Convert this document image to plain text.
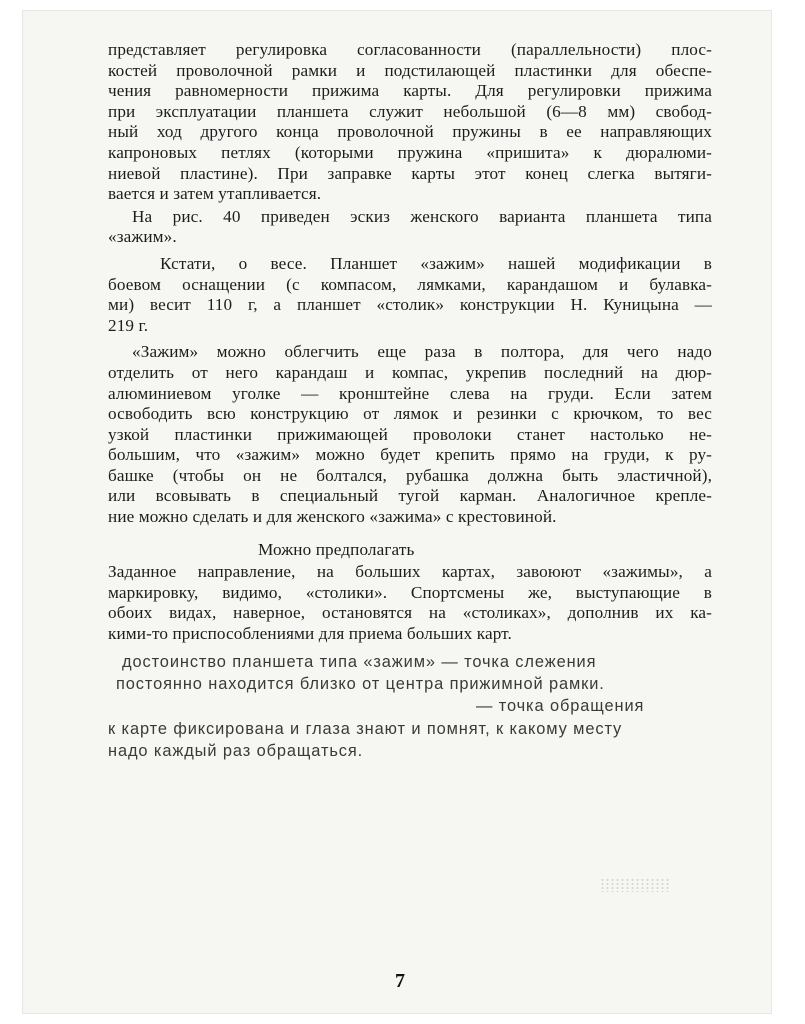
представляет регулировка согласованности (параллельности) плос-
костей проволочной рамки и подстилающей пластинки для обеспе-
чения равномерности прижима карты. Для регулировки прижима
при эксплуатации планшета служит небольшой (6—8 мм) свобод-
ный ход другого конца проволочной пружины в ее направляющих
капроновых петлях (которыми пружина «пришита» к дюралюми-
ниевой пластине). При заправке карты этот конец слегка вытяги-
вается и затем утапливается.

На рис. 40 приведен эскиз женского варианта планшета типа
«зажим».

Кстати, о весе. Планшет «зажим» нашей модификации в
боевом оснащении (с компасом, лямками, карандашом и булавка-
ми) весит 110 г, а планшет «столик» конструкции Н. Куницына —
219 г.

«Зажим» можно облегчить еще раза в полтора, для чего надо
отделить от него карандаш и компас, укрепив последний на дюр-
алюминиевом уголке — кронштейне слева на груди. Если затем
освободить всю конструкцию от лямок и резинки с крючком, то вес
узкой пластинки прижимающей проволоки станет настолько не-
большим, что «зажим» можно будет крепить прямо на груди, к ру-
башке (чтобы он не болтался, рубашка должна быть эластичной),
или всовывать в специальный тугой карман. Аналогичное крепле-
ние можно сделать и для женского «зажима» с крестовиной.

Можно предполагать

Заданное направление, на больших картах, завоюют «зажимы», а
маркировку, видимо, «столики». Спортсмены же, выступающие в
обоих видах, наверное, остановятся на «столиках», дополнив их ка-
кими-то приспособлениями для приема больших карт.

достоинство планшета типа «зажим» — точка слежения
постоянно находится близко от центра прижимной рамки.
— точка обращения
к карте фиксирована и глаза знают и помнят, к какому месту
надо каждый раз обращаться.

7
